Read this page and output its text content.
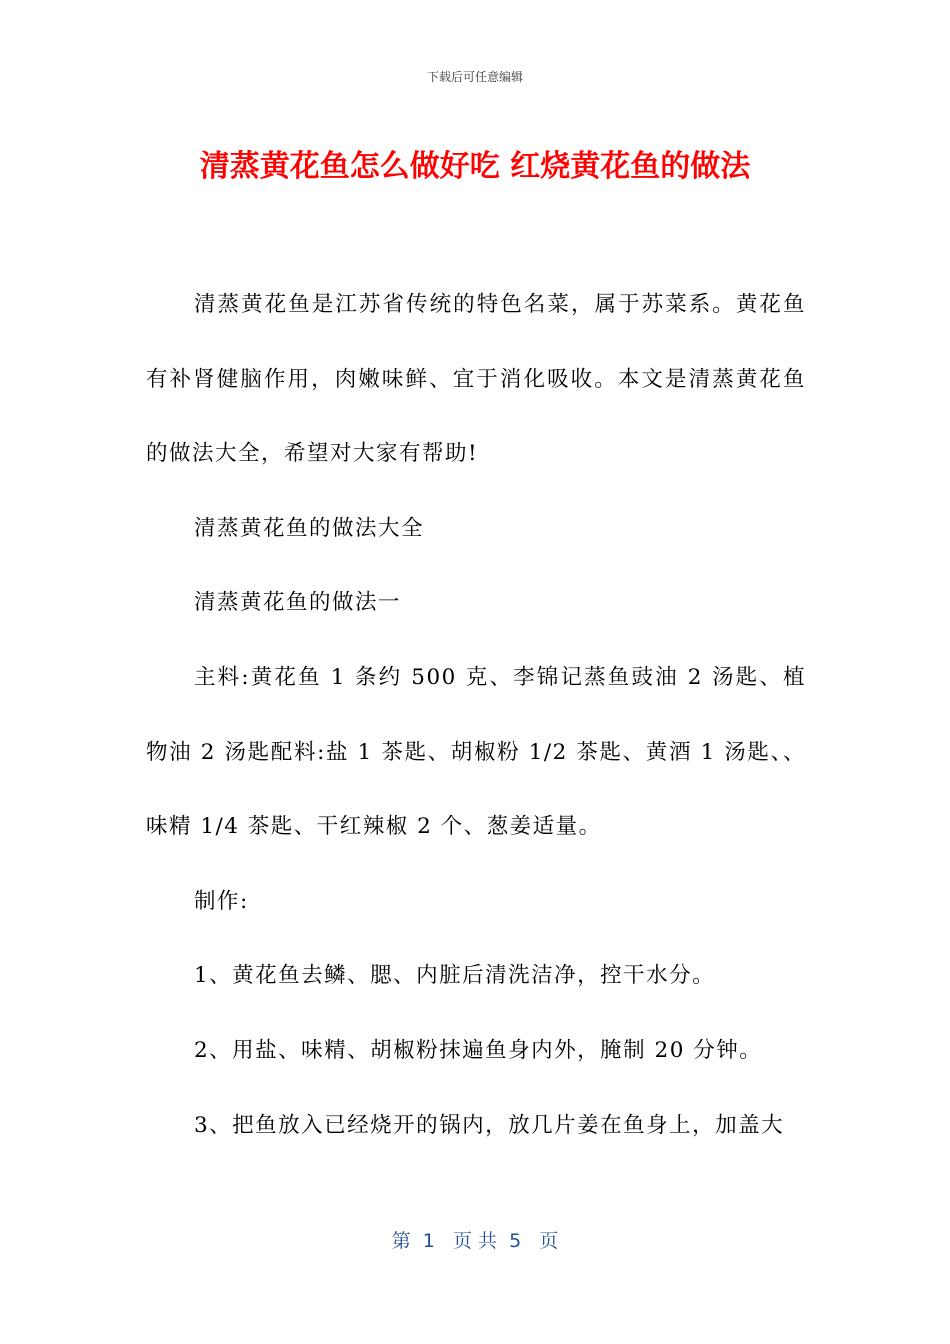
下载后可任意编辑
清蒸黄花鱼怎么做好吃 红烧黄花鱼的做法

清蒸黄花鱼是江苏省传统的特色名菜，属于苏菜系。黄花鱼有补肾健脑作用，肉嫩味鲜、宜于消化吸收。本文是清蒸黄花鱼的做法大全，希望对大家有帮助!

清蒸黄花鱼的做法大全

清蒸黄花鱼的做法一

主料:黄花鱼 1 条约 500 克、李锦记蒸鱼豉油 2 汤匙、植物油 2 汤匙配料:盐 1 茶匙、胡椒粉 1/2 茶匙、黄酒 1 汤匙、、味精 1/4 茶匙、干红辣椒 2 个、葱姜适量。

制作:

1、黄花鱼去鳞、腮、内脏后清洗洁净，控干水分。

2、用盐、味精、胡椒粉抹遍鱼身内外，腌制 20 分钟。

3、把鱼放入已经烧开的锅内，放几片姜在鱼身上，加盖大

第  1   页 共  5   页
